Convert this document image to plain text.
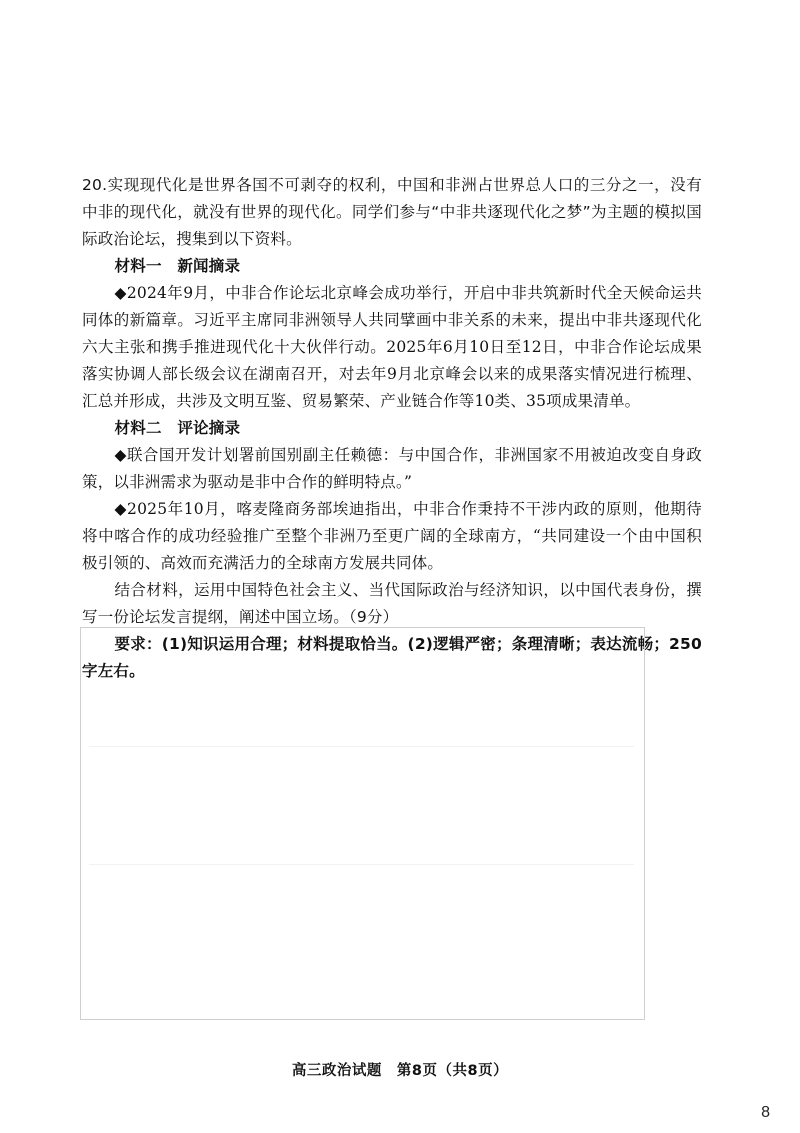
20.实现现代化是世界各国不可剥夺的权利，中国和非洲占世界总人口的三分之一，没有中非的现代化，就没有世界的现代化。同学们参与“中非共逐现代化之梦”为主题的模拟国际政治论坛，搜集到以下资料。

材料一　新闻摘录

◆2024年9月，中非合作论坛北京峰会成功举行，开启中非共筑新时代全天候命运共同体的新篇章。习近平主席同非洲领导人共同擘画中非关系的未来，提出中非共逐现代化六大主张和携手推进现代化十大伙伴行动。2025年6月10日至12日，中非合作论坛成果落实协调人部长级会议在湖南召开，对去年9月北京峰会以来的成果落实情况进行梳理、汇总并形成，共涉及文明互鉴、贸易繁荣、产业链合作等10类、35项成果清单。

材料二　评论摘录

◆联合国开发计划署前国别副主任赖德：与中国合作，非洲国家不用被迫改变自身政策，以非洲需求为驱动是非中合作的鲜明特点。”

◆2025年10月，喀麦隆商务部埃迪指出，中非合作秉持不干涉内政的原则，他期待将中喀合作的成功经验推广至整个非洲乃至更广阔的全球南方，“共同建设一个由中国积极引领的、高效而充满活力的全球南方发展共同体。

结合材料，运用中国特色社会主义、当代国际政治与经济知识，以中国代表身份，撰写一份论坛发言提纲，阐述中国立场。（9分）

要求：(1)知识运用合理；材料提取恰当。(2)逻辑严密；条理清晰；表达流畅；250字左右。

高三政治试题　第8页（共8页）
8
